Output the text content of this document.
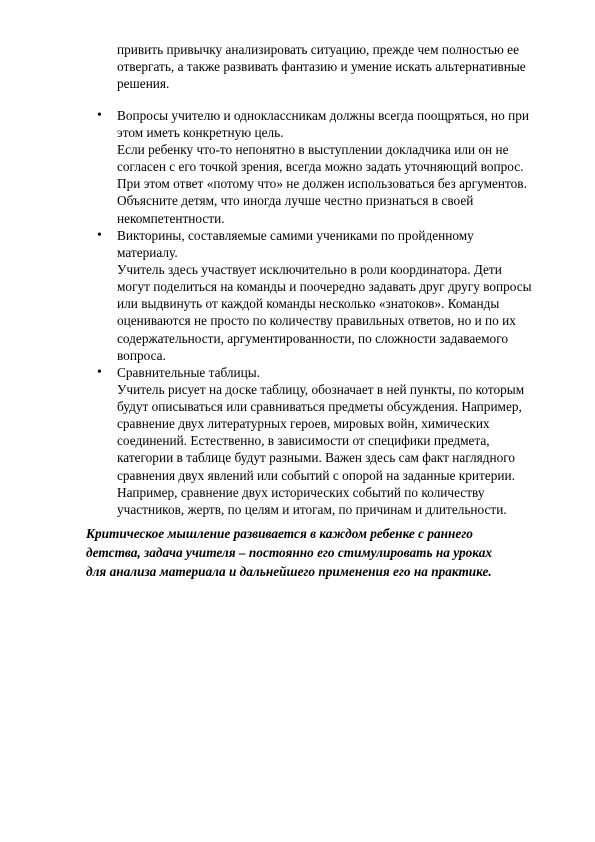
привить привычку анализировать ситуацию, прежде чем полностью ее
отвергать, а также развивать фантазию и умение искать альтернативные
решения.
• Вопросы учителю и одноклассникам должны всегда поощряться, но при
этом иметь конкретную цель.
Если ребенку что-то непонятно в выступлении докладчика или он не
согласен с его точкой зрения, всегда можно задать уточняющий вопрос.
При этом ответ «потому что» не должен использоваться без аргументов.
Объясните детям, что иногда лучше честно признаться в своей
некомпетентности.
• Викторины, составляемые самими учениками по пройденному
материалу.
Учитель здесь участвует исключительно в роли координатора. Дети
могут поделиться на команды и поочередно задавать друг другу вопросы
или выдвинуть от каждой команды несколько «знатоков». Команды
оцениваются не просто по количеству правильных ответов, но и по их
содержательности, аргументированности, по сложности задаваемого
вопроса.
• Сравнительные таблицы.
Учитель рисует на доске таблицу, обозначает в ней пункты, по которым
будут описываться или сравниваться предметы обсуждения. Например,
сравнение двух литературных героев, мировых войн, химических
соединений. Естественно, в зависимости от специфики предмета,
категории в таблице будут разными. Важен здесь сам факт наглядного
сравнения двух явлений или событий с опорой на заданные критерии.
Например, сравнение двух исторических событий по количеству
участников, жертв, по целям и итогам, по причинам и длительности.
Критическое мышление развивается в каждом ребенке с раннего
детства, задача учителя – постоянно его стимулировать на уроках
для анализа материала и дальнейшего применения его на практике.
